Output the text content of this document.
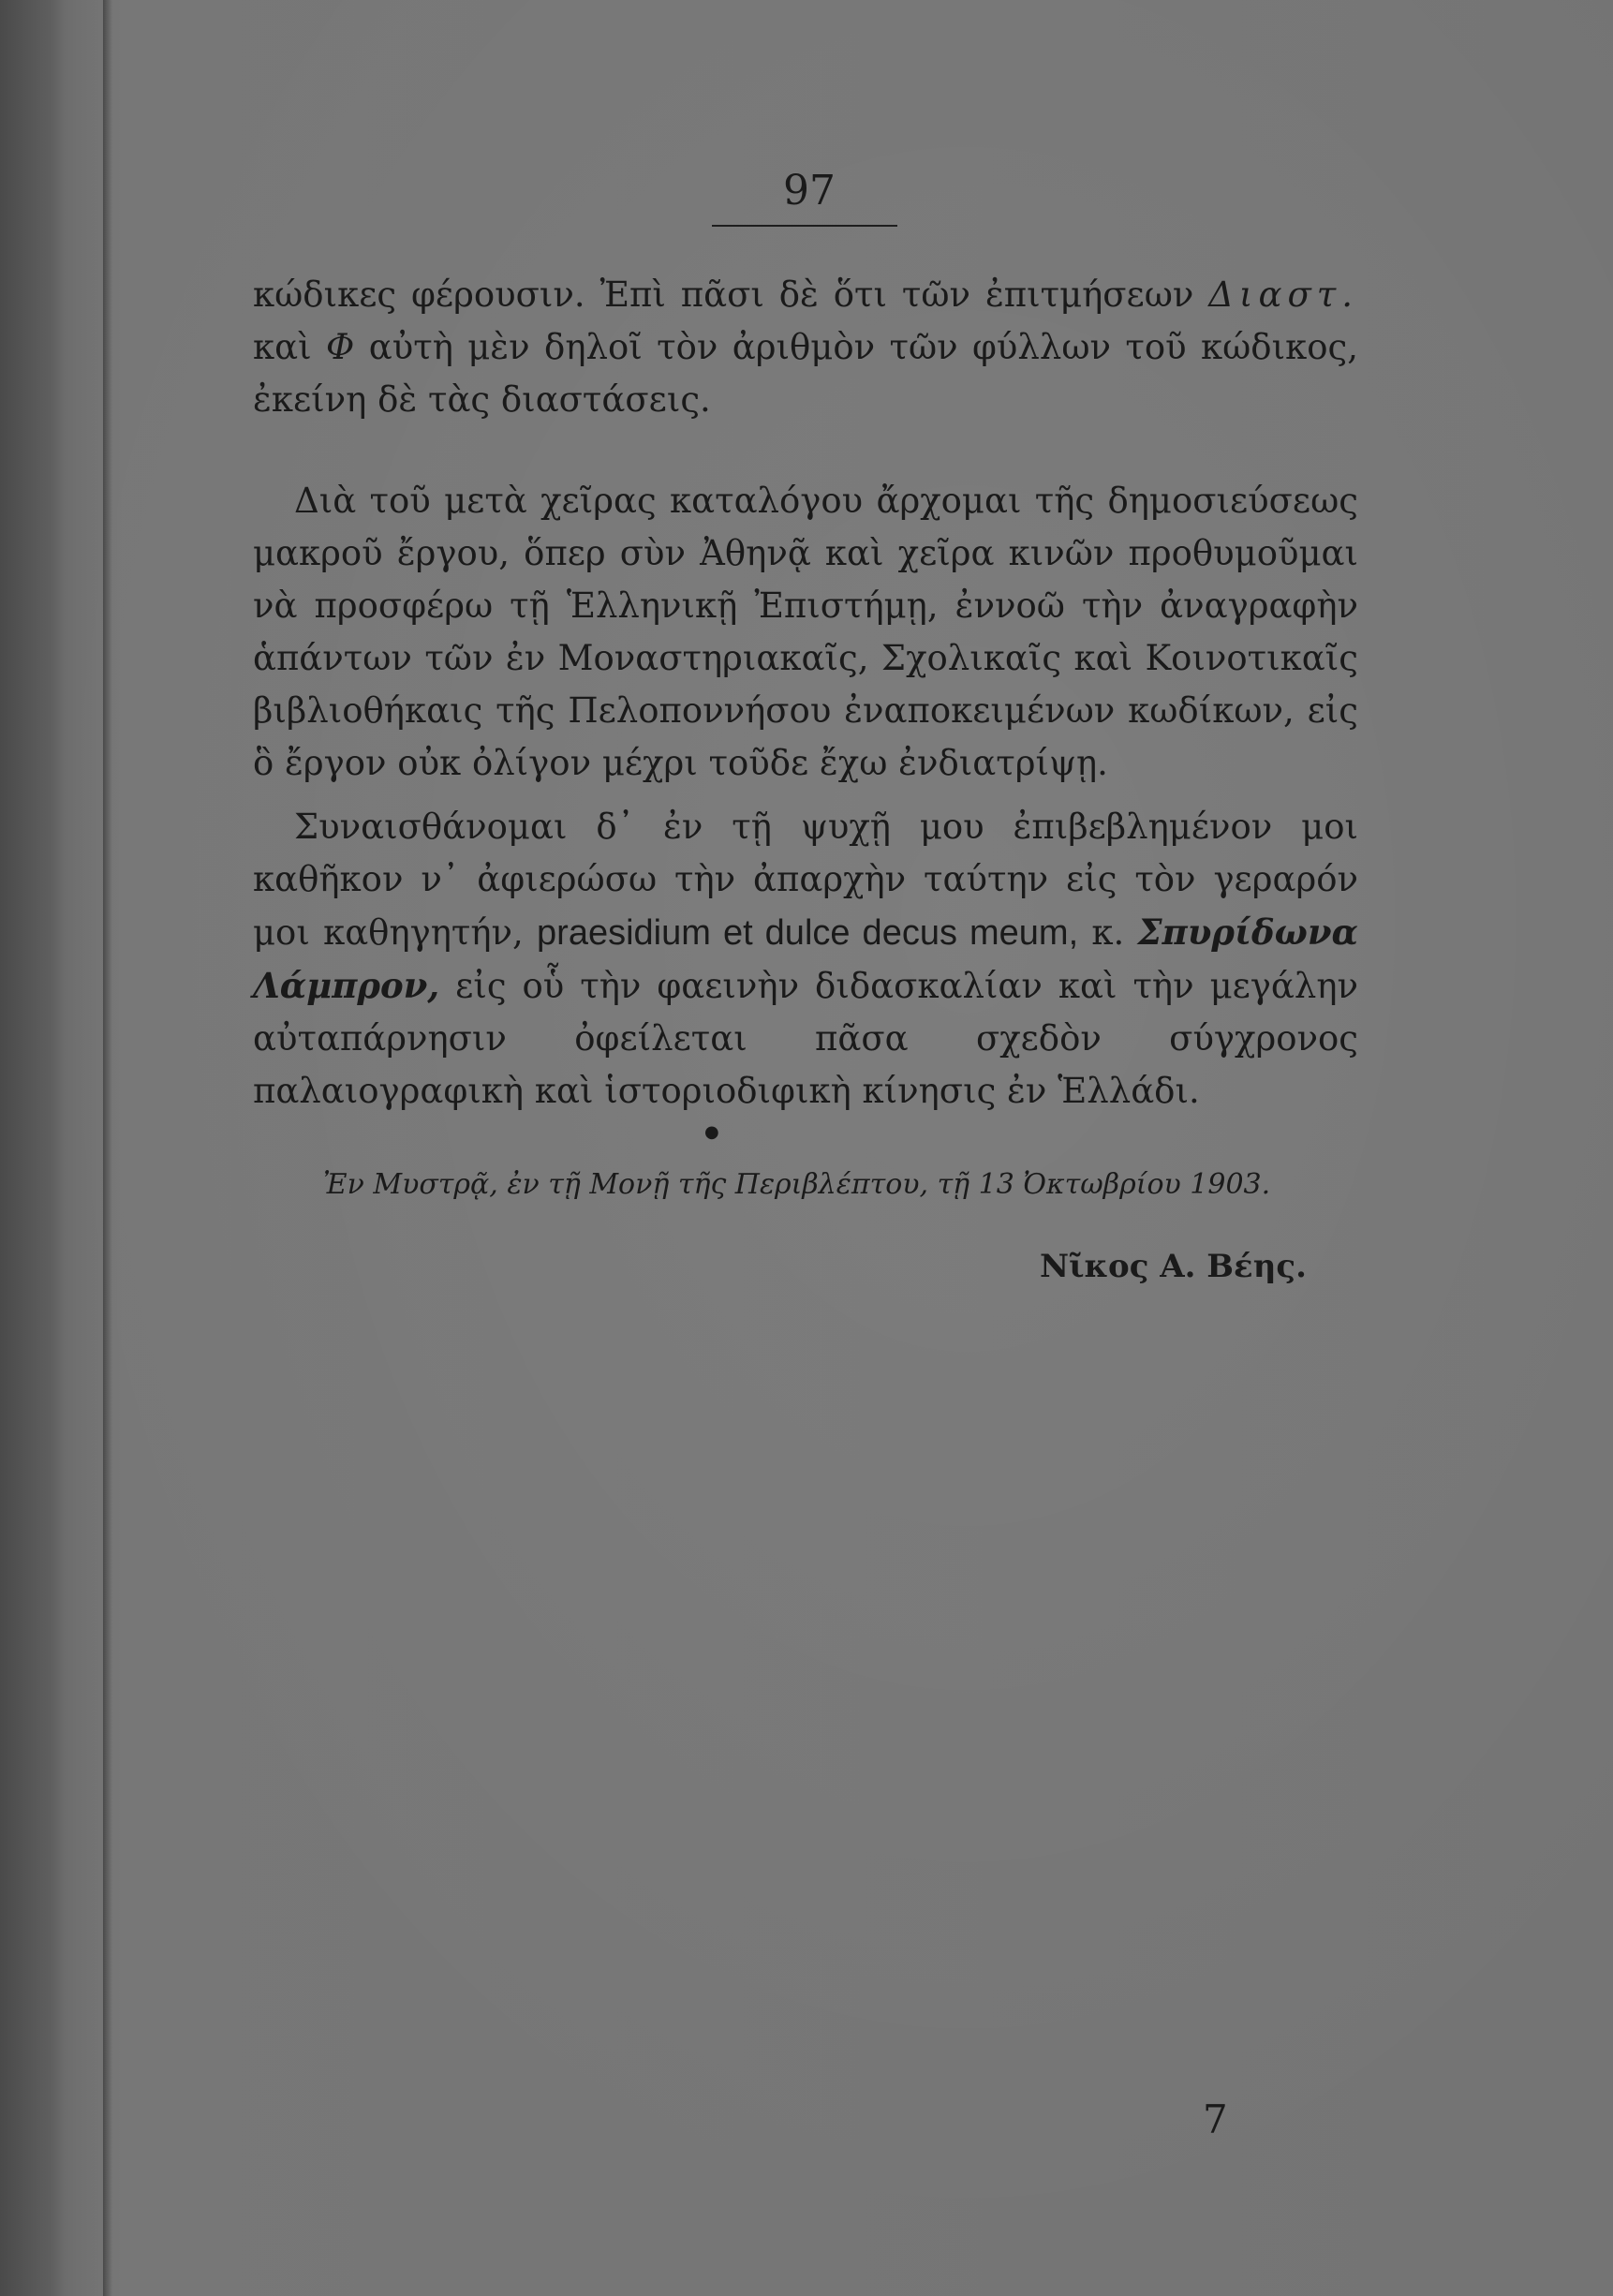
97

κώδικες φέρουσιν. Ἐπὶ πᾶσι δὲ ὅτι τῶν ἐπιτμήσεων Διαστ. καὶ Φ αὐτὴ μὲν δηλοῖ τὸν ἀριθμὸν τῶν φύλλων τοῦ κώδικος, ἐκείνη δὲ τὰς διαστάσεις.

Διὰ τοῦ μετὰ χεῖρας καταλόγου ἄρχομαι τῆς δημοσιεύσεως μακροῦ ἔργου, ὅπερ σὺν Ἀθηνᾷ καὶ χεῖρα κινῶν προθυμοῦμαι νὰ προσφέρω τῇ Ἑλληνικῇ Ἐπιστήμῃ, ἐννοῶ τὴν ἀναγραφὴν ἁπάντων τῶν ἐν Μοναστηριακαῖς, Σχολικαῖς καὶ Κοινοτικαῖς βιβλιοθήκαις τῆς Πελοποννήσου ἐναποκειμένων κωδίκων, εἰς ὃ ἔργον οὐκ ὀλίγον μέχρι τοῦδε ἔχω ἐνδιατρίψῃ.

Συναισθάνομαι δ᾿ ἐν τῇ ψυχῇ μου ἐπιβεβλημένον μοι καθῆκον ν᾿ ἀφιερώσω τὴν ἀπαρχὴν ταύτην εἰς τὸν γεραρόν μοι καθηγητήν, praesidium et dulce decus meum, κ. Σπυρίδωνα Λάμπρον, εἰς οὗ τὴν φαεινὴν διδασκαλίαν καὶ τὴν μεγάλην αὐταπάρνησιν ὀφείλεται πᾶσα σχεδὸν σύγχρονος παλαιογραφικὴ καὶ ἱστοριοδιφικὴ κίνησις ἐν Ἑλλάδι.

●
Ἐν Μυστρᾷ, ἐν τῇ Μονῇ τῆς Περιβλέπτου, τῇ 13 Ὀκτωβρίου 1903.
Νῖκος Α. Βέης.
7
